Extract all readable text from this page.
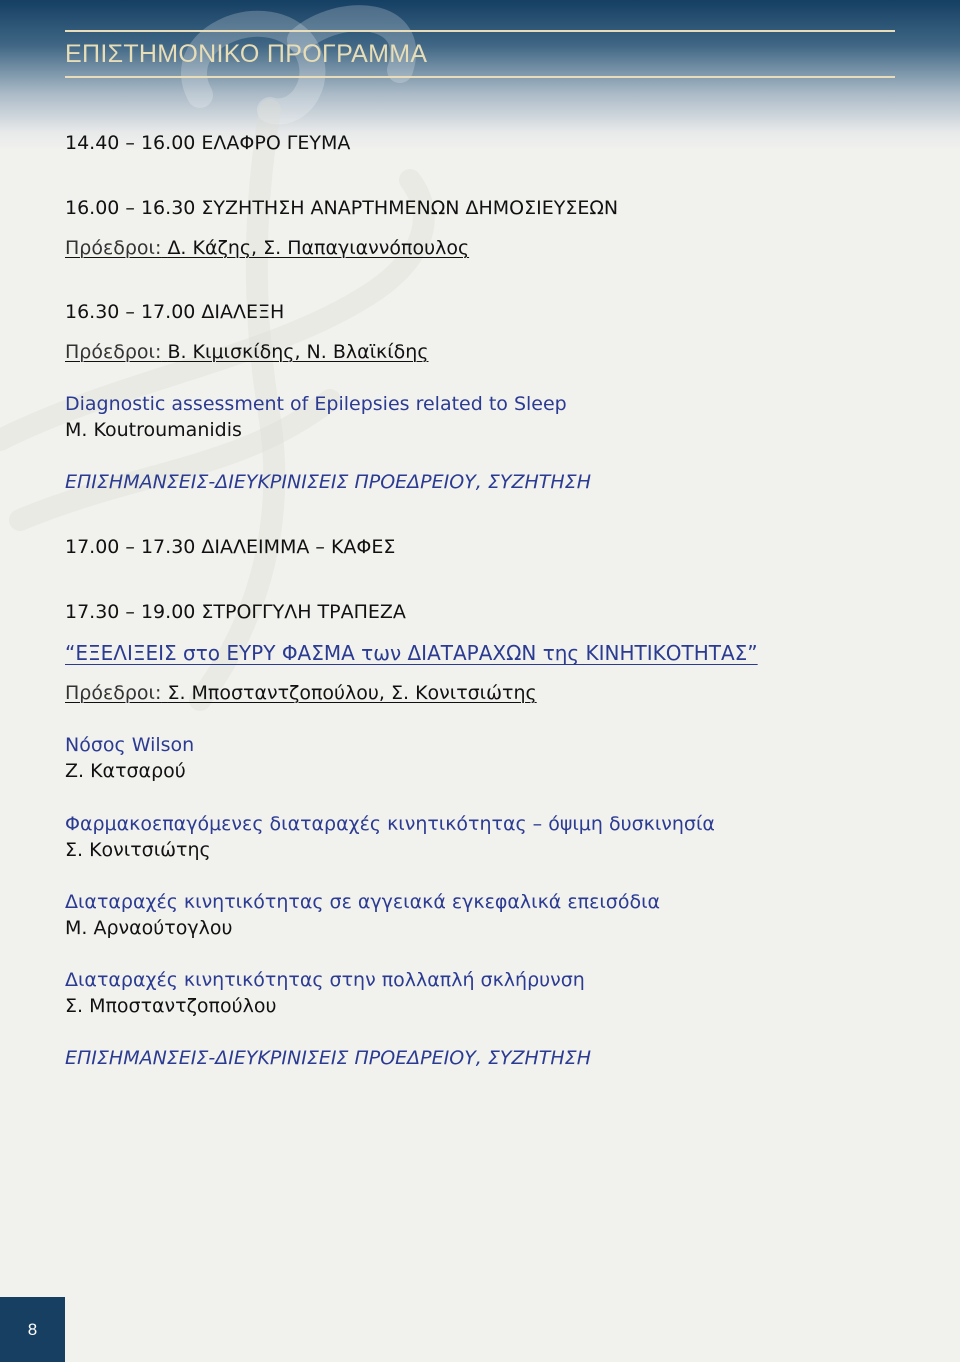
ΕΠΙΣΤΗΜΟΝΙΚΟ ΠΡΟΓΡΑΜΜΑ
14.40 – 16.00 ΕΛΑΦΡΟ ΓΕΥΜΑ
16.00 – 16.30 ΣΥΖΗΤΗΣΗ ΑΝΑΡΤΗΜΕΝΩΝ ΔΗΜΟΣΙΕΥΣΕΩΝ
Πρόεδροι: Δ. Κάζης, Σ. Παπαγιαννόπουλος
16.30 – 17.00 ΔΙΑΛΕΞΗ
Πρόεδροι: Β. Κιμισκίδης, Ν. Βλαϊκίδης
Diagnostic assessment of Epilepsies related to Sleep
M. Koutroumanidis
ΕΠΙΣΗΜΑΝΣΕΙΣ-ΔΙΕΥΚΡΙΝΙΣΕΙΣ ΠΡΟΕΔΡΕΙΟΥ, ΣΥΖΗΤΗΣΗ
17.00 – 17.30 ΔΙΑΛΕΙΜΜΑ – ΚΑΦΕΣ
17.30 – 19.00 ΣΤΡΟΓΓΥΛΗ ΤΡΑΠΕΖΑ
“ΕΞΕΛΙΞΕΙΣ στο ΕΥΡΥ ΦΑΣΜΑ των ΔΙΑΤΑΡΑΧΩΝ της ΚΙΝΗΤΙΚΟΤΗΤΑΣ”
Πρόεδροι: Σ. Μποσταντζοπούλου, Σ. Κονιτσιώτης
Νόσος Wilson
Ζ. Κατσαρού
Φαρμακοεπαγόμενες διαταραχές κινητικότητας – όψιμη δυσκινησία
Σ. Κονιτσιώτης
Διαταραχές κινητικότητας σε αγγειακά εγκεφαλικά επεισόδια
Μ. Αρναούτογλου
Διαταραχές κινητικότητας στην πολλαπλή σκλήρυνση
Σ. Μποσταντζοπούλου
ΕΠΙΣΗΜΑΝΣΕΙΣ-ΔΙΕΥΚΡΙΝΙΣΕΙΣ ΠΡΟΕΔΡΕΙΟΥ, ΣΥΖΗΤΗΣΗ
8
